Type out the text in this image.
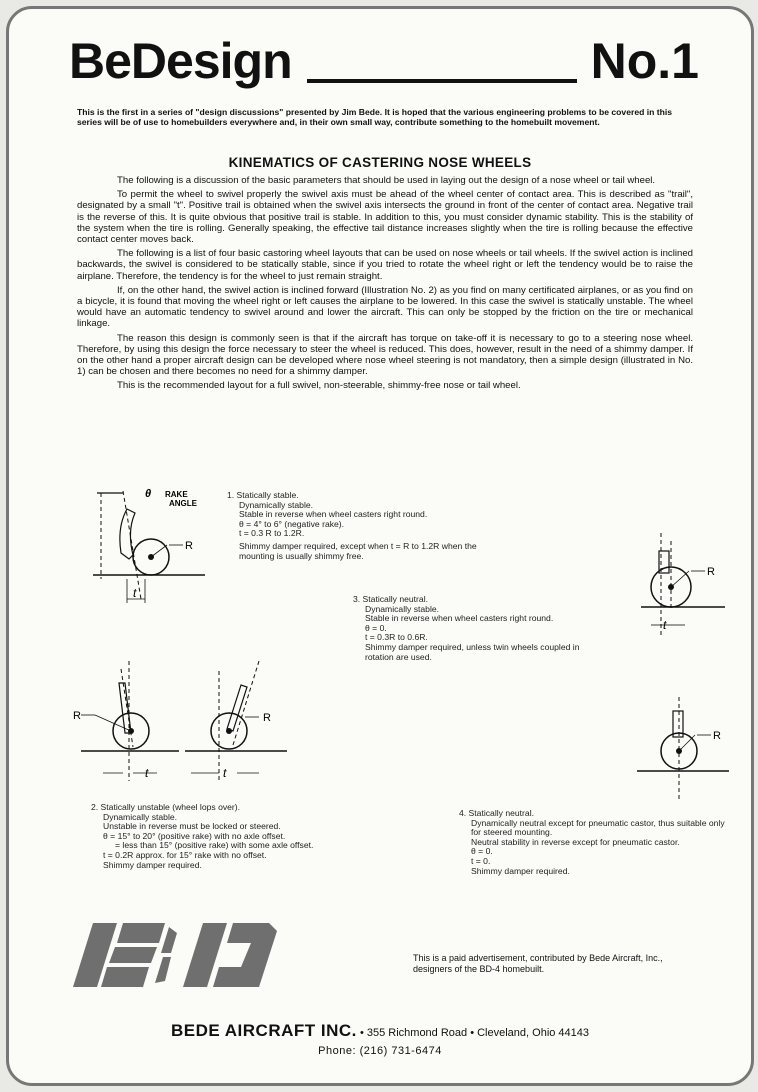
BeDesign	No.1
This is the first in a series of "design discussions" presented by Jim Bede. It is hoped that the various engineering problems to be covered in this series will be of use to homebuilders everywhere and, in their own small way, contribute something to the homebuilt movement.
KINEMATICS OF CASTERING NOSE WHEELS

The following is a discussion of the basic parameters that should be used in laying out the design of a nose wheel or tail wheel.

To permit the wheel to swivel properly the swivel axis must be ahead of the wheel center of contact area. This is described as "trail", designated by a small "t". Positive trail is obtained when the swivel axis intersects the ground in front of the center of contact area. Negative trail is the reverse of this. It is quite obvious that positive trail is stable. In addition to this, you must consider dynamic stability. This is the stability of the system when the tire is rolling. Generally speaking, the effective tail distance increases slightly when the tire is rolling because the effective contact center moves back.

The following is a list of four basic castoring wheel layouts that can be used on nose wheels or tail wheels. If the swivel action is inclined backwards, the swivel is considered to be statically stable, since if you tried to rotate the wheel right or left the tendency would be to raise the airplane. Therefore, the tendency is for the wheel to just remain straight.

If, on the other hand, the swivel action is inclined forward (Illustration No. 2) as you find on many certificated airplanes, or as you find on a bicycle, it is found that moving the wheel right or left causes the airplane to be lowered. In this case the swivel is statically unstable. The wheel would have an automatic tendency to swivel around and lower the aircraft. This can only be stopped by the friction on the tire or mechanical linkage.

The reason this design is commonly seen is that if the aircraft has torque on take-off it is necessary to go to a steering nose wheel. Therefore, by using this design the force necessary to steer the wheel is reduced. This does, however, result in the need of a shimmy damper. If on the other hand a proper aircraft design can be developed where nose wheel steering is not mandatory, then a simple design (illustrated in No. 1) can be chosen and there becomes no need for a shimmy damper.

This is the recommended layout for a full swivel, non-steerable, shimmy-free nose or tail wheel.

R
θ RAKE
ANGLE
t
1. Statically stable.

Dynamically stable.
Stable in reverse when wheel casters right round.
θ = 4° to 6° (negative rake).
t = 0.3 R to 1.2R.
Shimmy damper required, except when t = R to 1.2R when the mounting is usually shimmy free.
R
t
3. Statically neutral.

Dynamically stable.
Stable in reverse when wheel casters right round.
θ = 0.
t = 0.3R to 0.6R.
Shimmy damper required, unless twin wheels coupled in rotation are used.
R
t
R
t
2. Statically unstable (wheel lops over).

Dynamically stable.
Unstable in reverse must be locked or steered.
θ = 15° to 20° (positive rake) with no axle offset.
= less than 15° (positive rake) with some axle offset.
t = 0.2R approx. for 15° rake with no offset.
Shimmy damper required.
R
4. Statically neutral.

Dynamically neutral except for pneumatic castor, thus suitable only for steered mounting.
Neutral stability in reverse except for pneumatic castor.
θ = 0.
t = 0.
Shimmy damper required.
This is a paid advertisement, contributed by Bede Aircraft, Inc., designers of the BD-4 homebuilt.
BEDE AIRCRAFT INC. • 355 Richmond Road • Cleveland, Ohio 44143
Phone: (216) 731-6474
